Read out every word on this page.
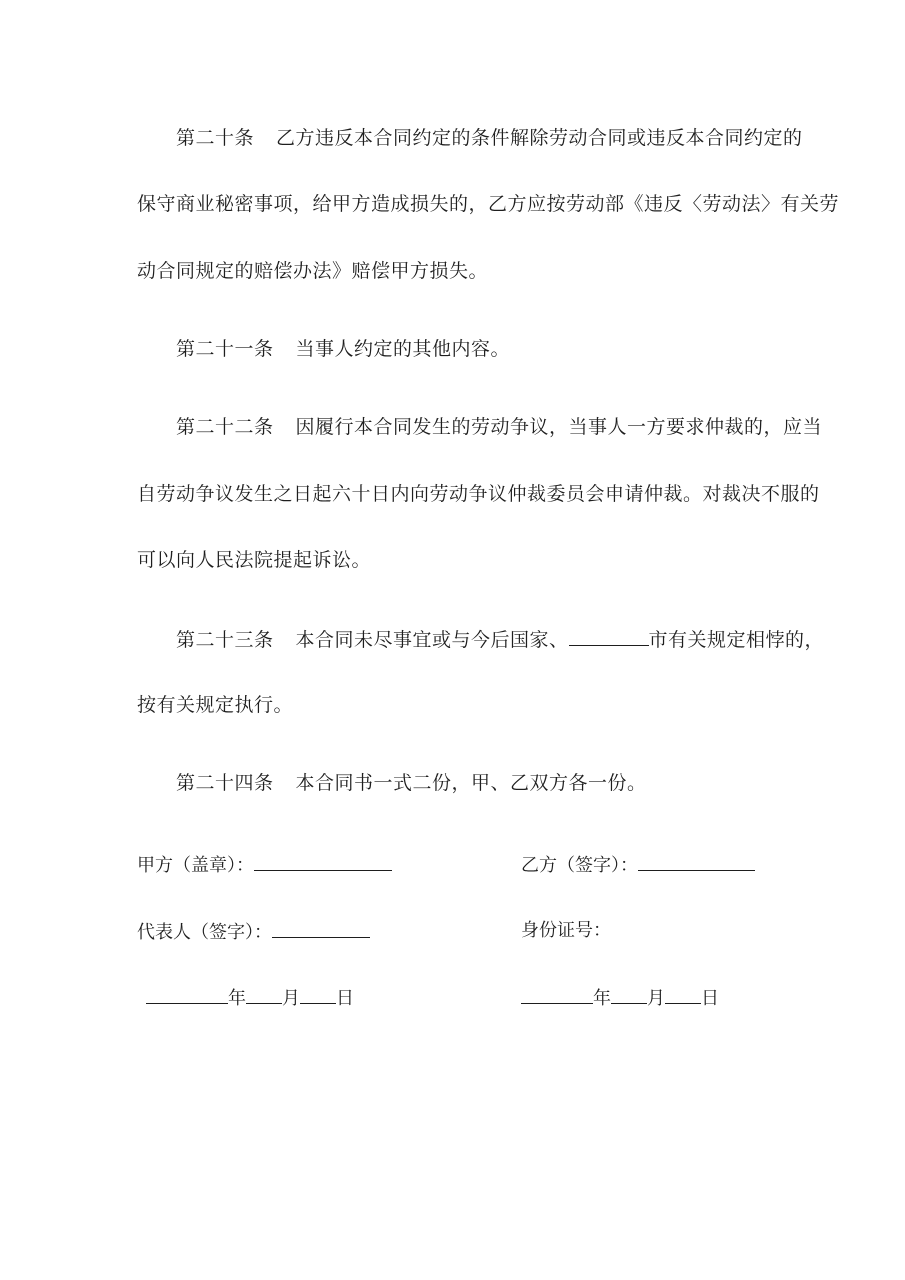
第二十条 乙方违反本合同约定的条件解除劳动合同或违反本合同约定的
保守商业秘密事项，给甲方造成损失的，乙方应按劳动部《违反〈劳动法〉有关劳
动合同规定的赔偿办法》赔偿甲方损失。
第二十一条 当事人约定的其他内容。
第二十二条 因履行本合同发生的劳动争议，当事人一方要求仲裁的，应当
自劳动争议发生之日起六十日内向劳动争议仲裁委员会申请仲裁。对裁决不服的
可以向人民法院提起诉讼。
第二十三条 本合同未尽事宜或与今后国家、	市有关规定相悖的，
按有关规定执行。
第二十四条 本合同书一式二份，甲、乙双方各一份。
甲方（盖章）：
代表人（签字）：
年 月 日
乙方（签字）：
身份证号：
年 月 日
